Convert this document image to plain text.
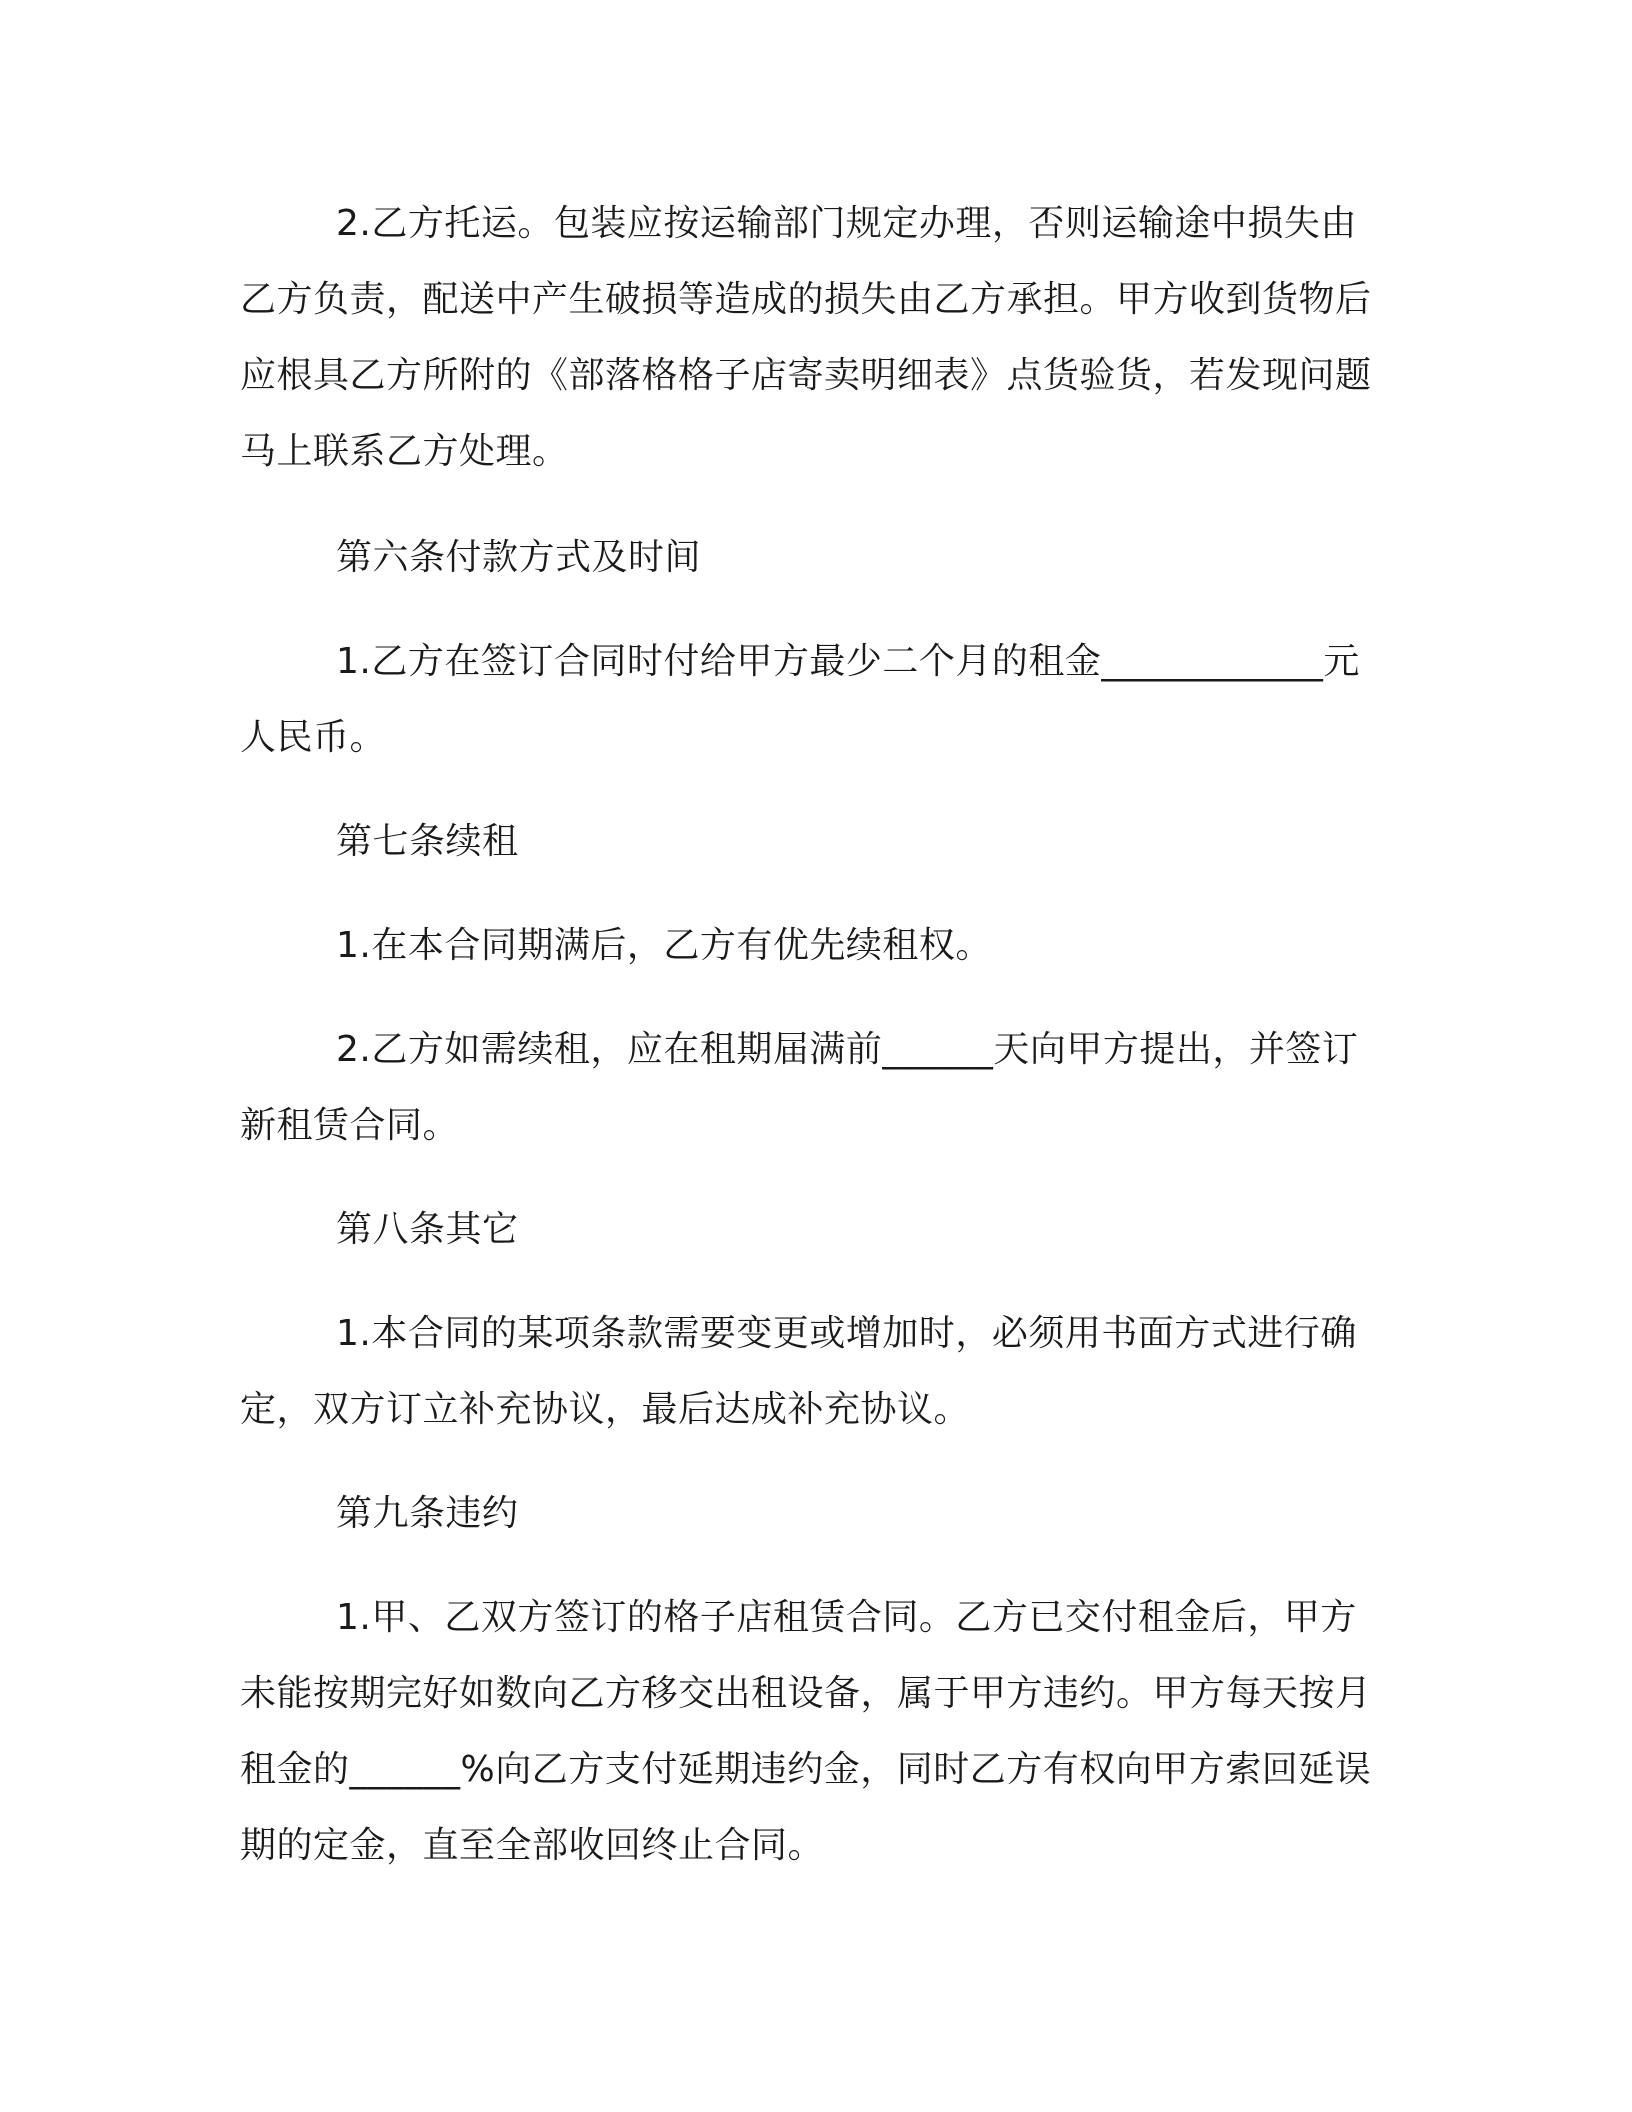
2.乙方托运。包装应按运输部门规定办理，否则运输途中损失由乙方负责，配送中产生破损等造成的损失由乙方承担。甲方收到货物后应根具乙方所附的《部落格格子店寄卖明细表》点货验货，若发现问题马上联系乙方处理。

第六条付款方式及时间

1.乙方在签订合同时付给甲方最少二个月的租金____________元人民币。

第七条续租

1.在本合同期满后，乙方有优先续租权。

2.乙方如需续租，应在租期届满前______天向甲方提出，并签订新租赁合同。

第八条其它

1.本合同的某项条款需要变更或增加时，必须用书面方式进行确定，双方订立补充协议，最后达成补充协议。

第九条违约

1.甲、乙双方签订的格子店租赁合同。乙方已交付租金后，甲方未能按期完好如数向乙方移交出租设备，属于甲方违约。甲方每天按月租金的______%向乙方支付延期违约金，同时乙方有权向甲方索回延误期的定金，直至全部收回终止合同。
